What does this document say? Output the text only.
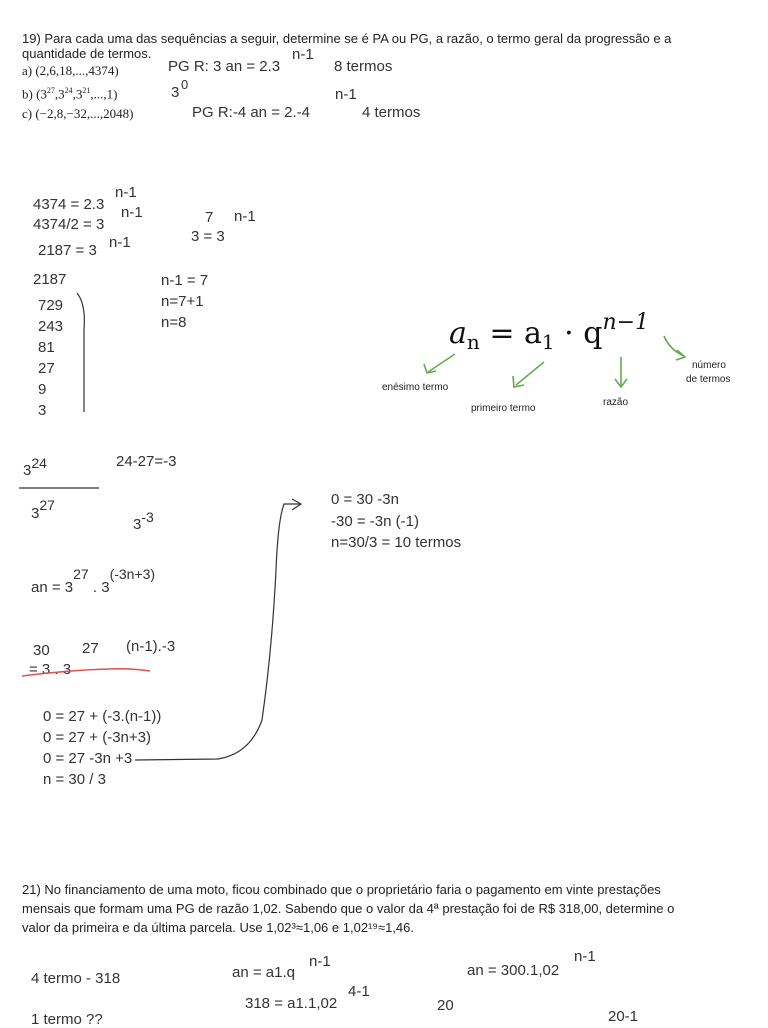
19) Para cada uma das sequências a seguir, determine se é PA ou PG, a razão, o termo geral da progressão e a
quantidade de termos.
a) (2,6,18,...,4374)	PG R: 3 an = 2.3
n-1
8 termos
b) $(3^{27},3^{24},3^{21},...,1)$	3 0
n-1
c) (−2,8,−32,...,2048)	PG R:-4 an = 2.-4	4 termos
n-1
4374 = 2.3 n-1
4374/2 = 3	7 n-1
3 = 3
2187 = 3 n-1
2187
729
243
81
27
9
3
n-1 = 7
n=7+1
n=8	$a_n = a_1 \cdot q^{n-1}$
enésimo termo
primeiro termo
razão
número
de termos
324	24-27=-3
327
3-3
0 = 30 -3n
-30 = -3n (-1)
n=30/3 = 10 termos
an = 327 . 3(-3n+3)
30 27 (n-1).-3
= 3 . 3
0 = 27 + (-3.(n-1))
0 = 27 + (-3n+3)
0 = 27 -3n +3
n = 30 / 3
21) No financiamento de uma moto, ficou combinado que o proprietário faria o pagamento em vinte prestações
mensais que formam uma PG de razão 1,02. Sabendo que o valor da 4ª prestação foi de R$ 318,00, determine o
valor da primeira e da última parcela. Use 1,02³≈1,06 e 1,02¹⁹≈1,46.
4 termo - 318
1 termo ??
n-1
an = a1.q
4-1
318 = a1.1,02	20
n-1
an = 300.1,02
20-1
